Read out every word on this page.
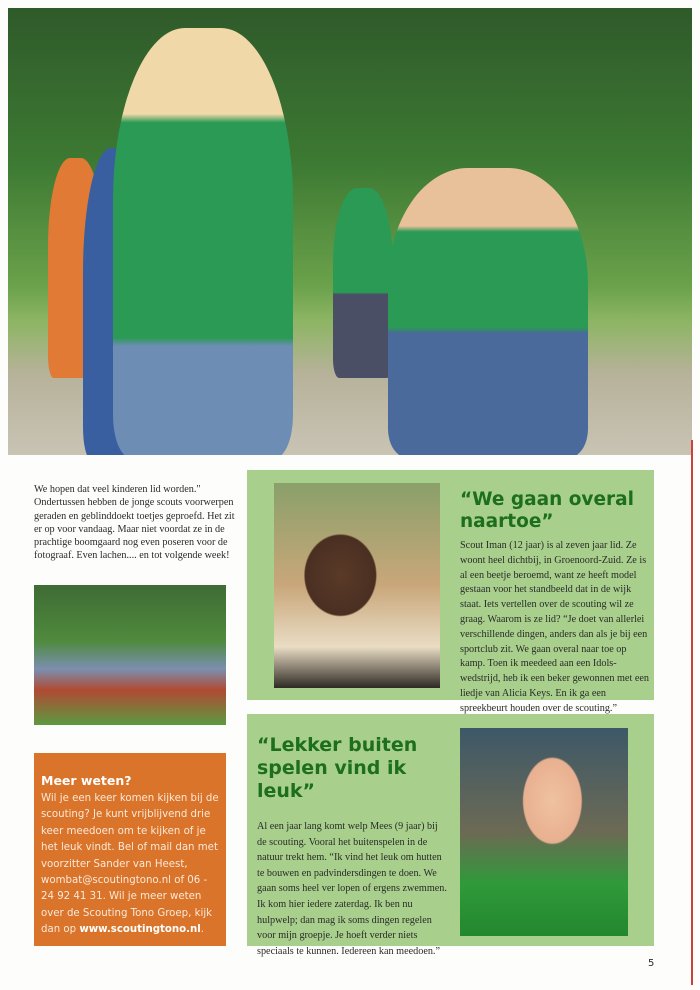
We hopen dat veel kinderen lid worden." Ondertussen hebben de jonge scouts voorwerpen geraden en geblinddoekt toetjes geproefd. Het zit er op voor vandaag. Maar niet voordat ze in de prachtige boomgaard nog even poseren voor de fotograaf. Even lachen.... en tot volgende week!

Meer weten?

Wil je een keer komen kijken bij de scouting? Je kunt vrijblijvend drie keer meedoen om te kijken of je het leuk vindt. Bel of mail dan met voorzitter Sander van Heest, wombat@scoutingtono.nl of 06 - 24 92 41 31. Wil je meer weten over de Scouting Tono Groep, kijk dan op www.scoutingtono.nl.

“We gaan overal
naartoe”

Scout Iman (12 jaar) is al zeven jaar lid. Ze woont heel dichtbij, in Groenoord-Zuid. Ze is al een beetje beroemd, want ze heeft model gestaan voor het standbeeld dat in de wijk staat. Iets vertellen over de scouting wil ze graag. Waarom is ze lid? “Je doet van allerlei verschillende dingen, anders dan als je bij een sportclub zit. We gaan overal naar toe op kamp. Toen ik meedeed aan een Idols-wedstrijd, heb ik een beker gewonnen met een liedje van Alicia Keys. En ik ga een spreekbeurt houden over de scouting.”

“Lekker buiten
spelen vind ik leuk”

Al een jaar lang komt welp Mees (9 jaar) bij de scouting. Vooral het buitenspelen in de natuur trekt hem. “Ik vind het leuk om hutten te bouwen en padvindersdingen te doen. We gaan soms heel ver lopen of ergens zwemmen. Ik kom hier iedere zaterdag. Ik ben nu hulpwelp; dan mag ik soms dingen regelen voor mijn groepje. Je hoeft verder niets speciaals te kunnen. Iedereen kan meedoen.”

5
